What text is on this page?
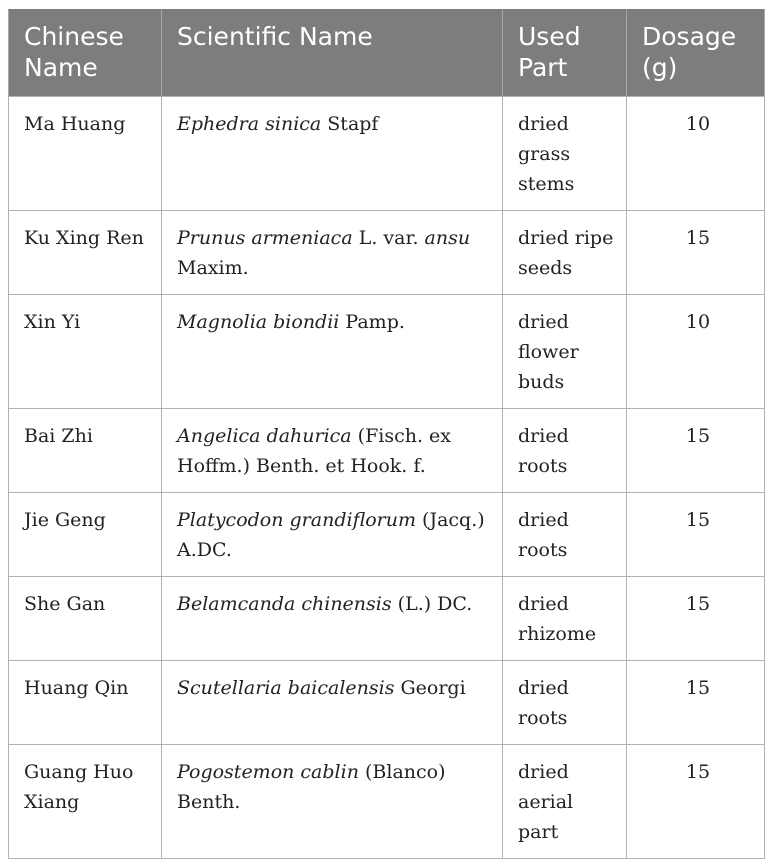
Chinese Name	Scientific Name	Used Part	Dosage (g)
Ma Huang	Ephedra sinica Stapf	dried grass stems	10
Ku Xing Ren	Prunus armeniaca L. var. ansu Maxim.	dried ripe seeds	15
Xin Yi	Magnolia biondii Pamp.	dried flower buds	10
Bai Zhi	Angelica dahurica (Fisch. ex Hoffm.) Benth. et Hook. f.	dried roots	15
Jie Geng	Platycodon grandiflorum (Jacq.) A.DC.	dried roots	15
She Gan	Belamcanda chinensis (L.) DC.	dried rhizome	15
Huang Qin	Scutellaria baicalensis Georgi	dried roots	15
Guang Huo Xiang	Pogostemon cablin (Blanco) Benth.	dried aerial part	15
